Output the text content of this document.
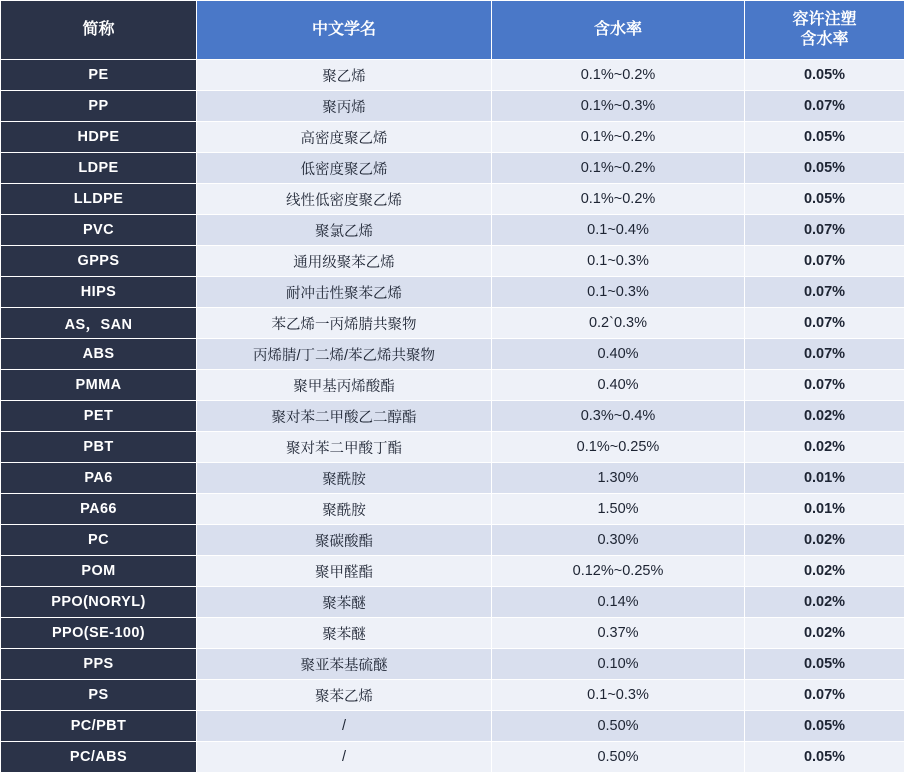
简称	中文学名	含水率	容许注塑
含水率
PE	聚乙烯	0.1%~0.2%	0.05%
PP	聚丙烯	0.1%~0.3%	0.07%
HDPE	高密度聚乙烯	0.1%~0.2%	0.05%
LDPE	低密度聚乙烯	0.1%~0.2%	0.05%
LLDPE	线性低密度聚乙烯	0.1%~0.2%	0.05%
PVC	聚氯乙烯	0.1~0.4%	0.07%
GPPS	通用级聚苯乙烯	0.1~0.3%	0.07%
HIPS	耐冲击性聚苯乙烯	0.1~0.3%	0.07%
AS，SAN	苯乙烯一丙烯腈共聚物	0.2`0.3%	0.07%
ABS	丙烯腈/丁二烯/苯乙烯共聚物	0.40%	0.07%
PMMA	聚甲基丙烯酸酯	0.40%	0.07%
PET	聚对苯二甲酸乙二醇酯	0.3%~0.4%	0.02%
PBT	聚对苯二甲酸丁酯	0.1%~0.25%	0.02%
PA6	聚酰胺	1.30%	0.01%
PA66	聚酰胺	1.50%	0.01%
PC	聚碳酸酯	0.30%	0.02%
POM	聚甲醛酯	0.12%~0.25%	0.02%
PPO(NORYL)	聚苯醚	0.14%	0.02%
PPO(SE-100)	聚苯醚	0.37%	0.02%
PPS	聚亚苯基硫醚	0.10%	0.05%
PS	聚苯乙烯	0.1~0.3%	0.07%
PC/PBT	/	0.50%	0.05%
PC/ABS	/	0.50%	0.05%
